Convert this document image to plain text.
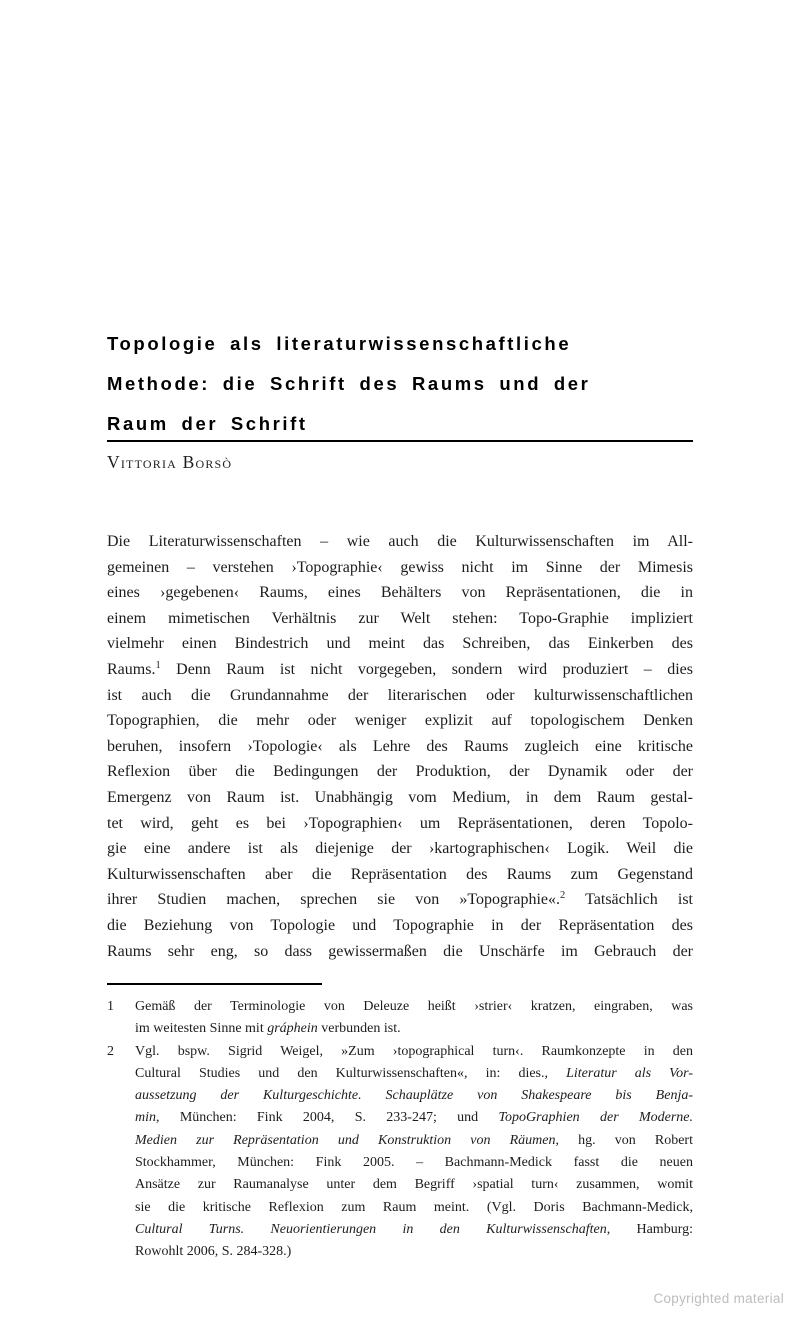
Topologie als literaturwissenschaftliche
Methode: die Schrift des Raums und der
Raum der Schrift
Vittoria Borsò
Die Literaturwissenschaften – wie auch die Kulturwissenschaften im All-
gemeinen – verstehen ›Topographie‹ gewiss nicht im Sinne der Mimesis
eines ›gegebenen‹ Raums, eines Behälters von Repräsentationen, die in
einem mimetischen Verhältnis zur Welt stehen: Topo-Graphie impliziert
vielmehr einen Bindestrich und meint das Schreiben, das Einkerben des
Raums.$^1$ Denn Raum ist nicht vorgegeben, sondern wird produziert – dies
ist auch die Grundannahme der literarischen oder kulturwissenschaftlichen
Topographien, die mehr oder weniger explizit auf topologischem Denken
beruhen, insofern ›Topologie‹ als Lehre des Raums zugleich eine kritische
Reflexion über die Bedingungen der Produktion, der Dynamik oder der
Emergenz von Raum ist. Unabhängig vom Medium, in dem Raum gestal-
tet wird, geht es bei ›Topographien‹ um Repräsentationen, deren Topolo-
gie eine andere ist als diejenige der ›kartographischen‹ Logik. Weil die
Kulturwissenschaften aber die Repräsentation des Raums zum Gegenstand
ihrer Studien machen, sprechen sie von »Topographie«.$^2$ Tatsächlich ist
die Beziehung von Topologie und Topographie in der Repräsentation des
Raums sehr eng, so dass gewissermaßen die Unschärfe im Gebrauch der
1	Gemäß der Terminologie von Deleuze heißt ›strier‹ kratzen, eingraben, was
im weitesten Sinne mit gráphein verbunden ist.
2	Vgl. bspw. Sigrid Weigel, »Zum ›topographical turn‹. Raumkonzepte in den
Cultural Studies und den Kulturwissenschaften«, in: dies., Literatur als Vor-
aussetzung der Kulturgeschichte. Schauplätze von Shakespeare bis Benja-
min, München: Fink 2004, S. 233-247; und TopoGraphien der Moderne.
Medien zur Repräsentation und Konstruktion von Räumen, hg. von Robert
Stockhammer, München: Fink 2005. – Bachmann-Medick fasst die neuen
Ansätze zur Raumanalyse unter dem Begriff ›spatial turn‹ zusammen, womit
sie die kritische Reflexion zum Raum meint. (Vgl. Doris Bachmann-Medick,
Cultural Turns. Neuorientierungen in den Kulturwissenschaften, Hamburg:
Rowohlt 2006, S. 284-328.)
Copyrighted material
